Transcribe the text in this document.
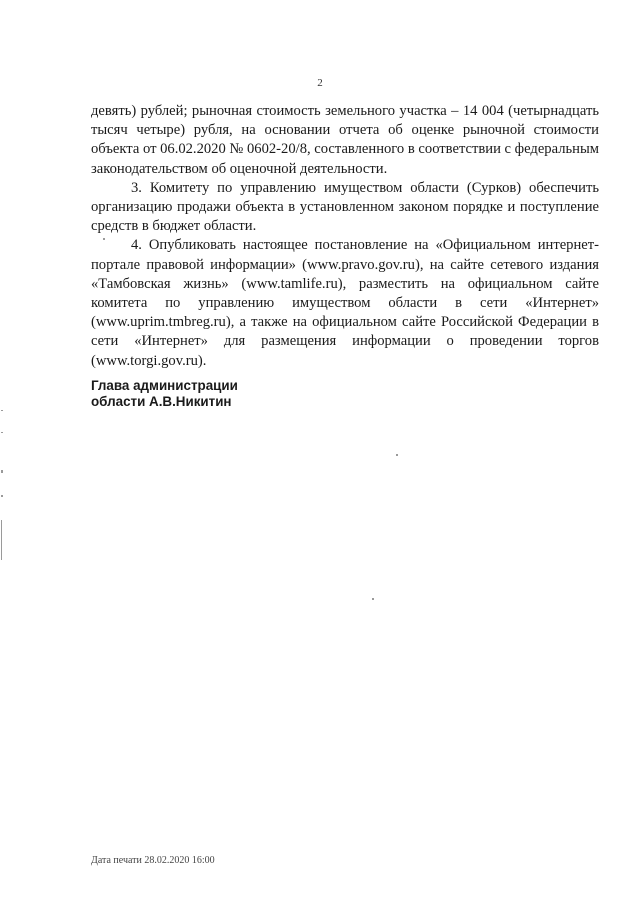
2

девять) рублей; рыночная стоимость земельного участка – 14 004 (четырнадцать тысяч четыре) рубля, на основании отчета об оценке рыночной стоимости объекта от 06.02.2020 № 0602-20/8, составленного в соответствии с федеральным законодательством об оценочной деятельности.

3. Комитету по управлению имуществом области (Сурков) обеспечить организацию продажи объекта в установленном законом порядке и поступление средств в бюджет области.

4. Опубликовать настоящее постановление на «Официальном интернет-портале правовой информации» (www.pravo.gov.ru), на сайте сетевого издания «Тамбовская жизнь» (www.tamlife.ru), разместить на официальном сайте комитета по управлению имуществом области в сети «Интернет» (www.uprim.tmbreg.ru), а также на официальном сайте Российской Федерации в сети «Интернет» для размещения информации о проведении торгов (www.torgi.gov.ru).

Глава администрации
области А.В.Никитин
Дата печати 28.02.2020 16:00
